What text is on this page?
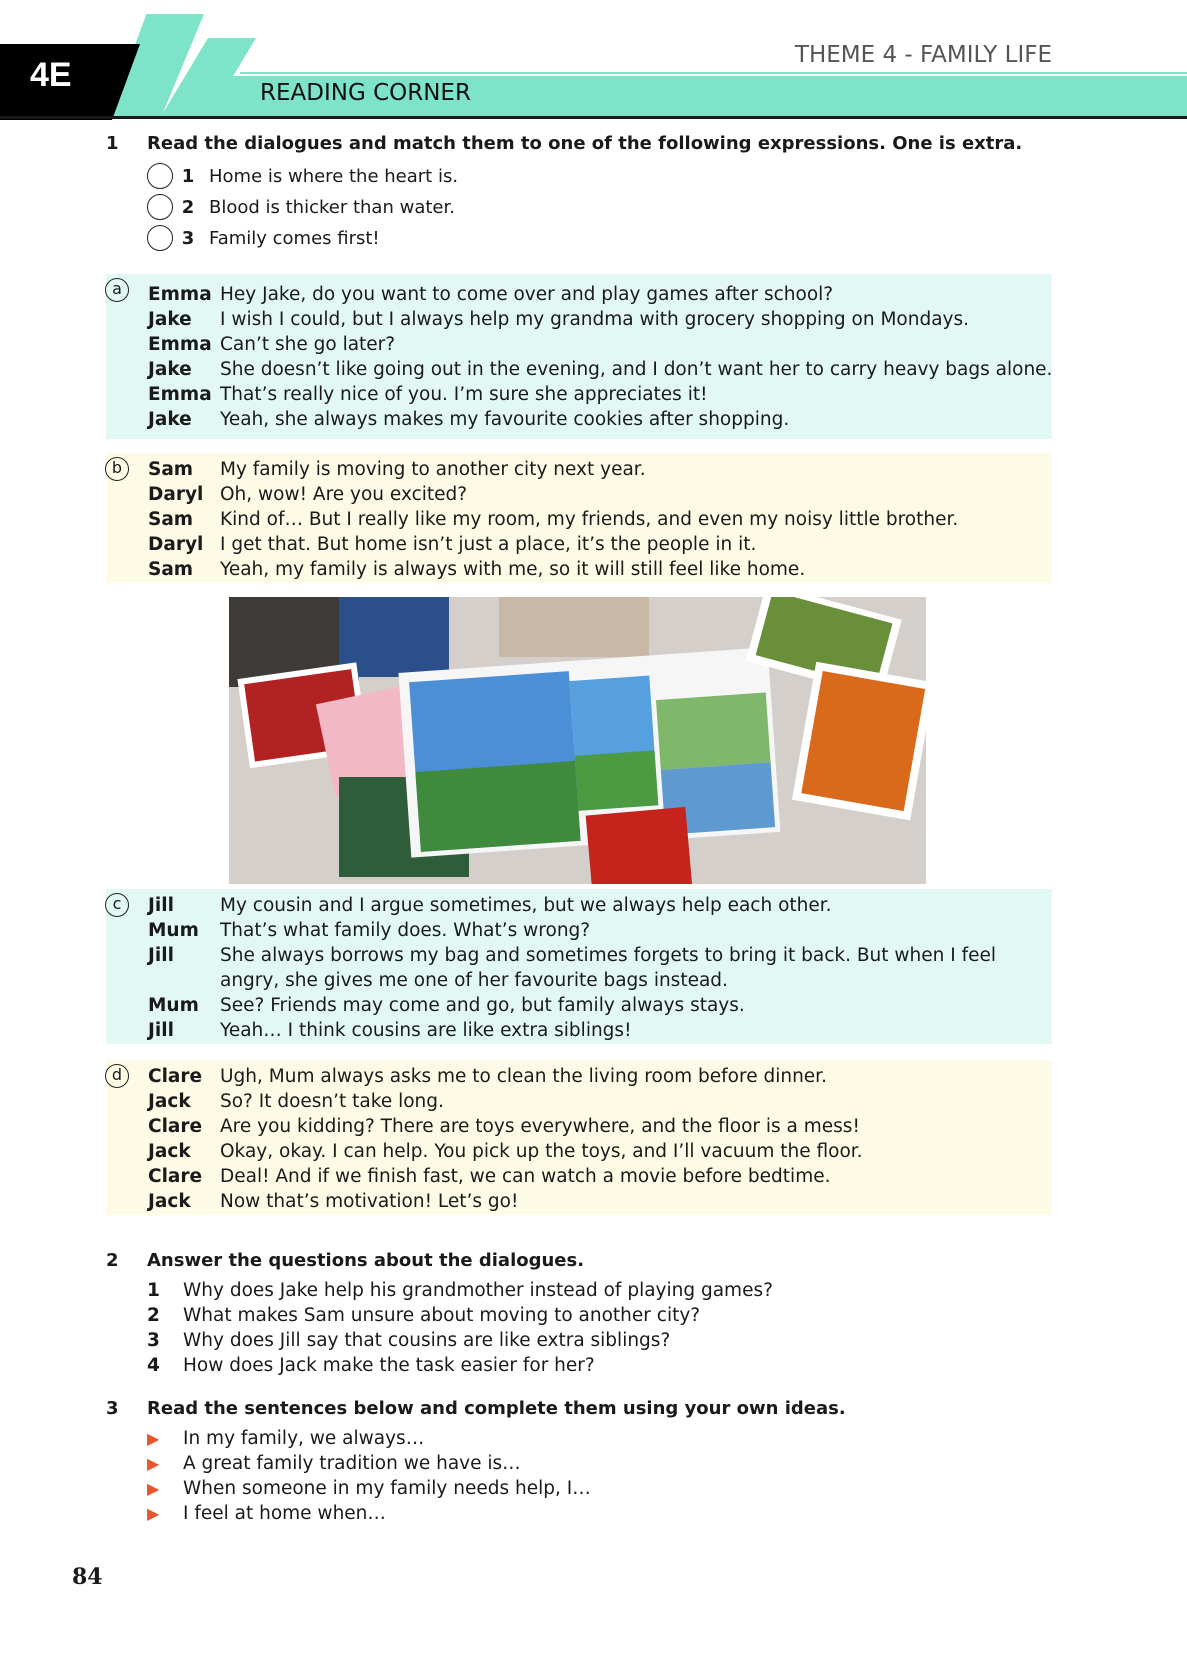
4E
THEME 4 - FAMILY LIFE
READING CORNER
1 Read the dialogues and match them to one of the following expressions. One is extra.
1 Home is where the heart is.
2 Blood is thicker than water.
3 Family comes first!
a	Emma Hey Jake, do you want to come over and play games after school?
Jake	I wish I could, but I always help my grandma with grocery shopping on Mondays.
Emma Can’t she go later?
Jake	She doesn’t like going out in the evening, and I don’t want her to carry heavy bags alone.
Emma That’s really nice of you. I’m sure she appreciates it!
Jake	Yeah, she always makes my favourite cookies after shopping.
b	Sam	My family is moving to another city next year.
Daryl Oh, wow! Are you excited?
Sam	Kind of… But I really like my room, my friends, and even my noisy little brother.
Daryl I get that. But home isn’t just a place, it’s the people in it.
Sam	Yeah, my family is always with me, so it will still feel like home.
c	Jill	My cousin and I argue sometimes, but we always help each other.
Mum	That’s what family does. What’s wrong?
Jill	She always borrows my bag and sometimes forgets to bring it back. But when I feel
angry, she gives me one of her favourite bags instead.
Mum	See? Friends may come and go, but family always stays.
Jill	Yeah… I think cousins are like extra siblings!
d	Clare Ugh, Mum always asks me to clean the living room before dinner.
Jack	So? It doesn’t take long.
Clare Are you kidding? There are toys everywhere, and the floor is a mess!
Jack	Okay, okay. I can help. You pick up the toys, and I’ll vacuum the floor.
Clare Deal! And if we finish fast, we can watch a movie before bedtime.
Jack	Now that’s motivation! Let’s go!
2 Answer the questions about the dialogues.
1 Why does Jake help his grandmother instead of playing games?
2 What makes Sam unsure about moving to another city?
3 Why does Jill say that cousins are like extra siblings?
4 How does Jack make the task easier for her?
3 Read the sentences below and complete them using your own ideas.
▶ In my family, we always…
▶ A great family tradition we have is…
▶ When someone in my family needs help, I…
▶ I feel at home when…
84
